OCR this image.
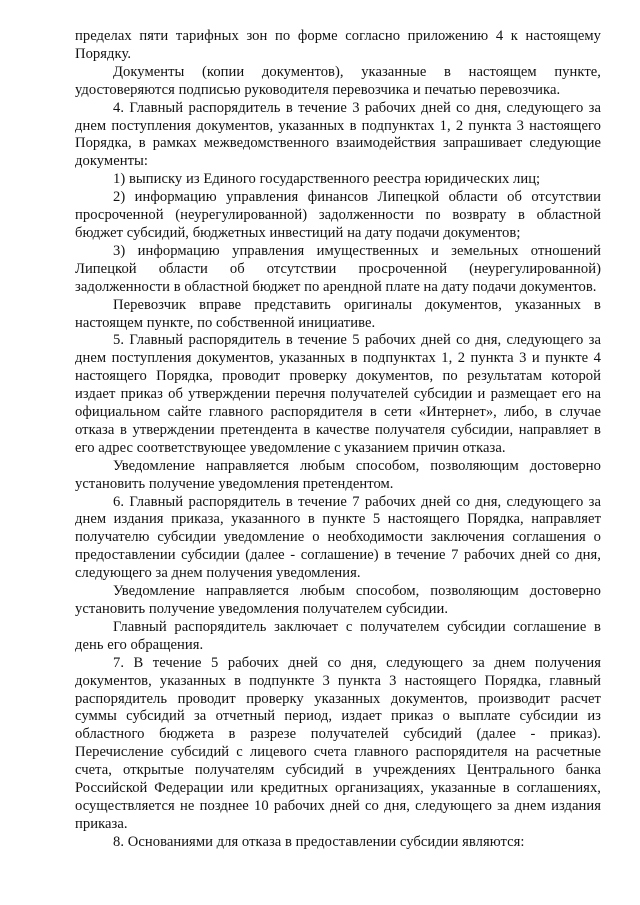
пределах пяти тарифных зон по форме согласно приложению 4 к настоящему Порядку.

Документы (копии документов), указанные в настоящем пункте, удостоверяются подписью руководителя перевозчика и печатью перевозчика.

4. Главный распорядитель в течение 3 рабочих дней со дня, следующего за днем поступления документов, указанных в подпунктах 1, 2 пункта 3 настоящего Порядка, в рамках межведомственного взаимодействия запрашивает следующие документы:

1) выписку из Единого государственного реестра юридических лиц;

2) информацию управления финансов Липецкой области об отсутствии просроченной (неурегулированной) задолженности по возврату в областной бюджет субсидий, бюджетных инвестиций на дату подачи документов;

3) информацию управления имущественных и земельных отношений Липецкой области об отсутствии просроченной (неурегулированной) задолженности в областной бюджет по арендной плате на дату подачи документов.

Перевозчик вправе представить оригиналы документов, указанных в настоящем пункте, по собственной инициативе.

5. Главный распорядитель в течение 5 рабочих дней со дня, следующего за днем поступления документов, указанных в подпунктах 1, 2 пункта 3 и пункте 4 настоящего Порядка, проводит проверку документов, по результатам которой издает приказ об утверждении перечня получателей субсидии и размещает его на официальном сайте главного распорядителя в сети «Интернет», либо, в случае отказа в утверждении претендента в качестве получателя субсидии, направляет в его адрес соответствующее уведомление с указанием причин отказа.

Уведомление направляется любым способом, позволяющим достоверно установить получение уведомления претендентом.

6. Главный распорядитель в течение 7 рабочих дней со дня, следующего за днем издания приказа, указанного в пункте 5 настоящего Порядка, направляет получателю субсидии уведомление о необходимости заключения соглашения о предоставлении субсидии (далее - соглашение) в течение 7 рабочих дней со дня, следующего за днем получения уведомления.

Уведомление направляется любым способом, позволяющим достоверно установить получение уведомления получателем субсидии.

Главный распорядитель заключает с получателем субсидии соглашение в день его обращения.

7. В течение 5 рабочих дней со дня, следующего за днем получения документов, указанных в подпункте 3 пункта 3 настоящего Порядка, главный распорядитель проводит проверку указанных документов, производит расчет суммы субсидий за отчетный период, издает приказ о выплате субсидии из областного бюджета в разрезе получателей субсидий (далее - приказ). Перечисление субсидий с лицевого счета главного распорядителя на расчетные счета, открытые получателям субсидий в учреждениях Центрального банка Российской Федерации или кредитных организациях, указанные в соглашениях, осуществляется не позднее 10 рабочих дней со дня, следующего за днем издания приказа.

8. Основаниями для отказа в предоставлении субсидии являются:
